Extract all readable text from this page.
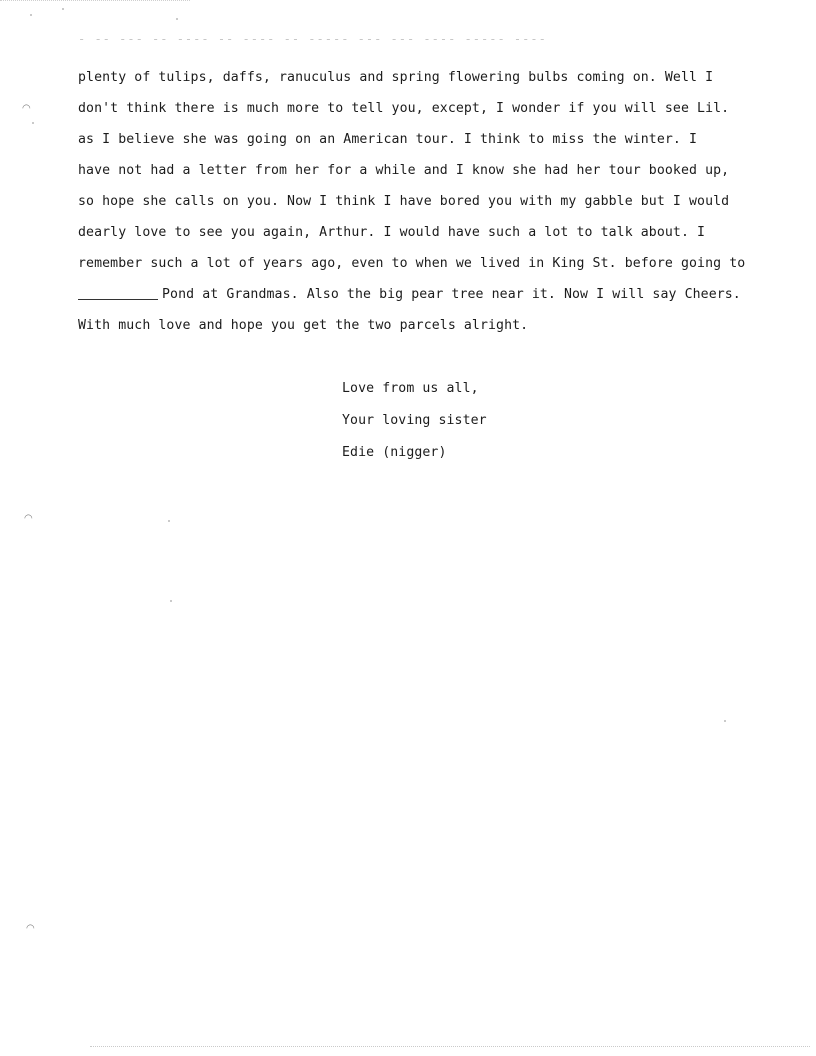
- -- --- -- ---- -- ---- -- ----- --- --- ---- ----- ----
plenty of tulips, daffs, ranuculus and spring flowering bulbs coming on. Well I
don't think there is much more to tell you, except, I wonder if you will see Lil.
as I believe she was going on an American tour. I think to miss the winter. I
have not had a letter from her for a while and I know she had her tour booked up,
so hope she calls on you. Now I think I have bored you with my gabble but I would
dearly love to see you again, Arthur. I would have such a lot to talk about. I
remember such a lot of years ago, even to when we lived in King St. before going to
Pond at Grandmas. Also the big pear tree near it. Now I will say Cheers.
With much love and hope you get the two parcels alright.
Love from us all,
Your loving sister
Edie (nigger)
◠
◠
◠
